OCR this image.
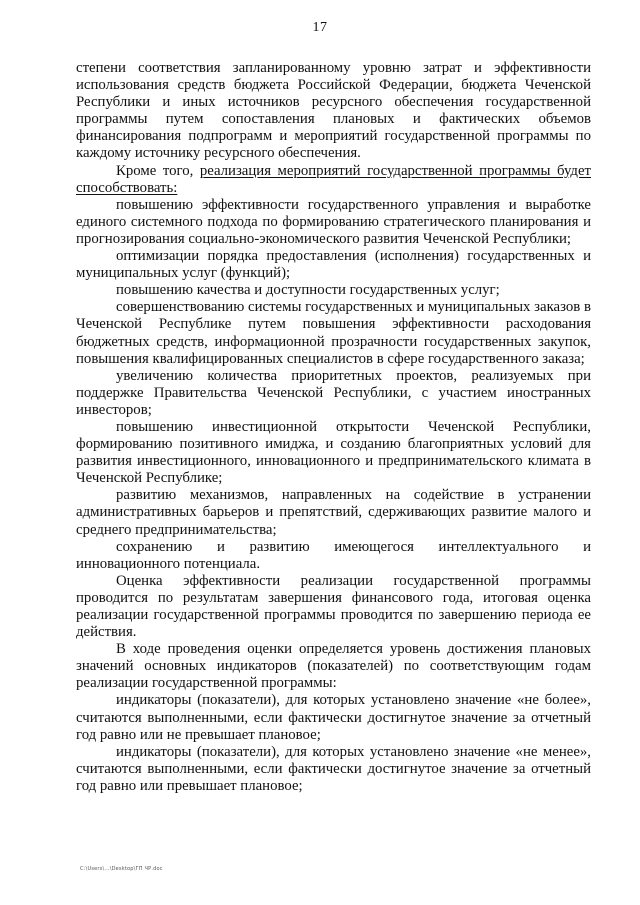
17

степени соответствия запланированному уровню затрат и эффективности использования средств бюджета Российской Федерации, бюджета Чеченской Республики и иных источников ресурсного обеспечения государственной программы путем сопоставления плановых и фактических объемов финансирования подпрограмм и мероприятий государственной программы по каждому источнику ресурсного обеспечения.

Кроме того, реализация мероприятий государственной программы будет способствовать:

повышению эффективности государственного управления и выработке единого системного подхода по формированию стратегического планирования и прогнозирования социально-экономического развития Чеченской Республики;

оптимизации порядка предоставления (исполнения) государственных и муниципальных услуг (функций);

повышению качества и доступности государственных услуг;

совершенствованию системы государственных и муниципальных заказов в Чеченской Республике путем повышения эффективности расходования бюджетных средств, информационной прозрачности государственных закупок, повышения квалифицированных специалистов в сфере государственного заказа;

увеличению количества приоритетных проектов, реализуемых при поддержке Правительства Чеченской Республики, с участием иностранных инвесторов;

повышению инвестиционной открытости Чеченской Республики, формированию позитивного имиджа, и созданию благоприятных условий для развития инвестиционного, инновационного и предпринимательского климата в Чеченской Республике;

развитию механизмов, направленных на содействие в устранении административных барьеров и препятствий, сдерживающих развитие малого и среднего предпринимательства;

сохранению и развитию имеющегося интеллектуального и инновационного потенциала.

Оценка эффективности реализации государственной программы проводится по результатам завершения финансового года, итоговая оценка реализации государственной программы проводится по завершению периода ее действия.

В ходе проведения оценки определяется уровень достижения плановых значений основных индикаторов (показателей) по соответствующим годам реализации государственной программы:

индикаторы (показатели), для которых установлено значение «не более», считаются выполненными, если фактически достигнутое значение за отчетный год равно или не превышает плановое;

индикаторы (показатели), для которых установлено значение «не менее», считаются выполненными, если фактически достигнутое значение за отчетный год равно или превышает плановое;

C:\Users\...\Desktop\ГП ЧР.doc
